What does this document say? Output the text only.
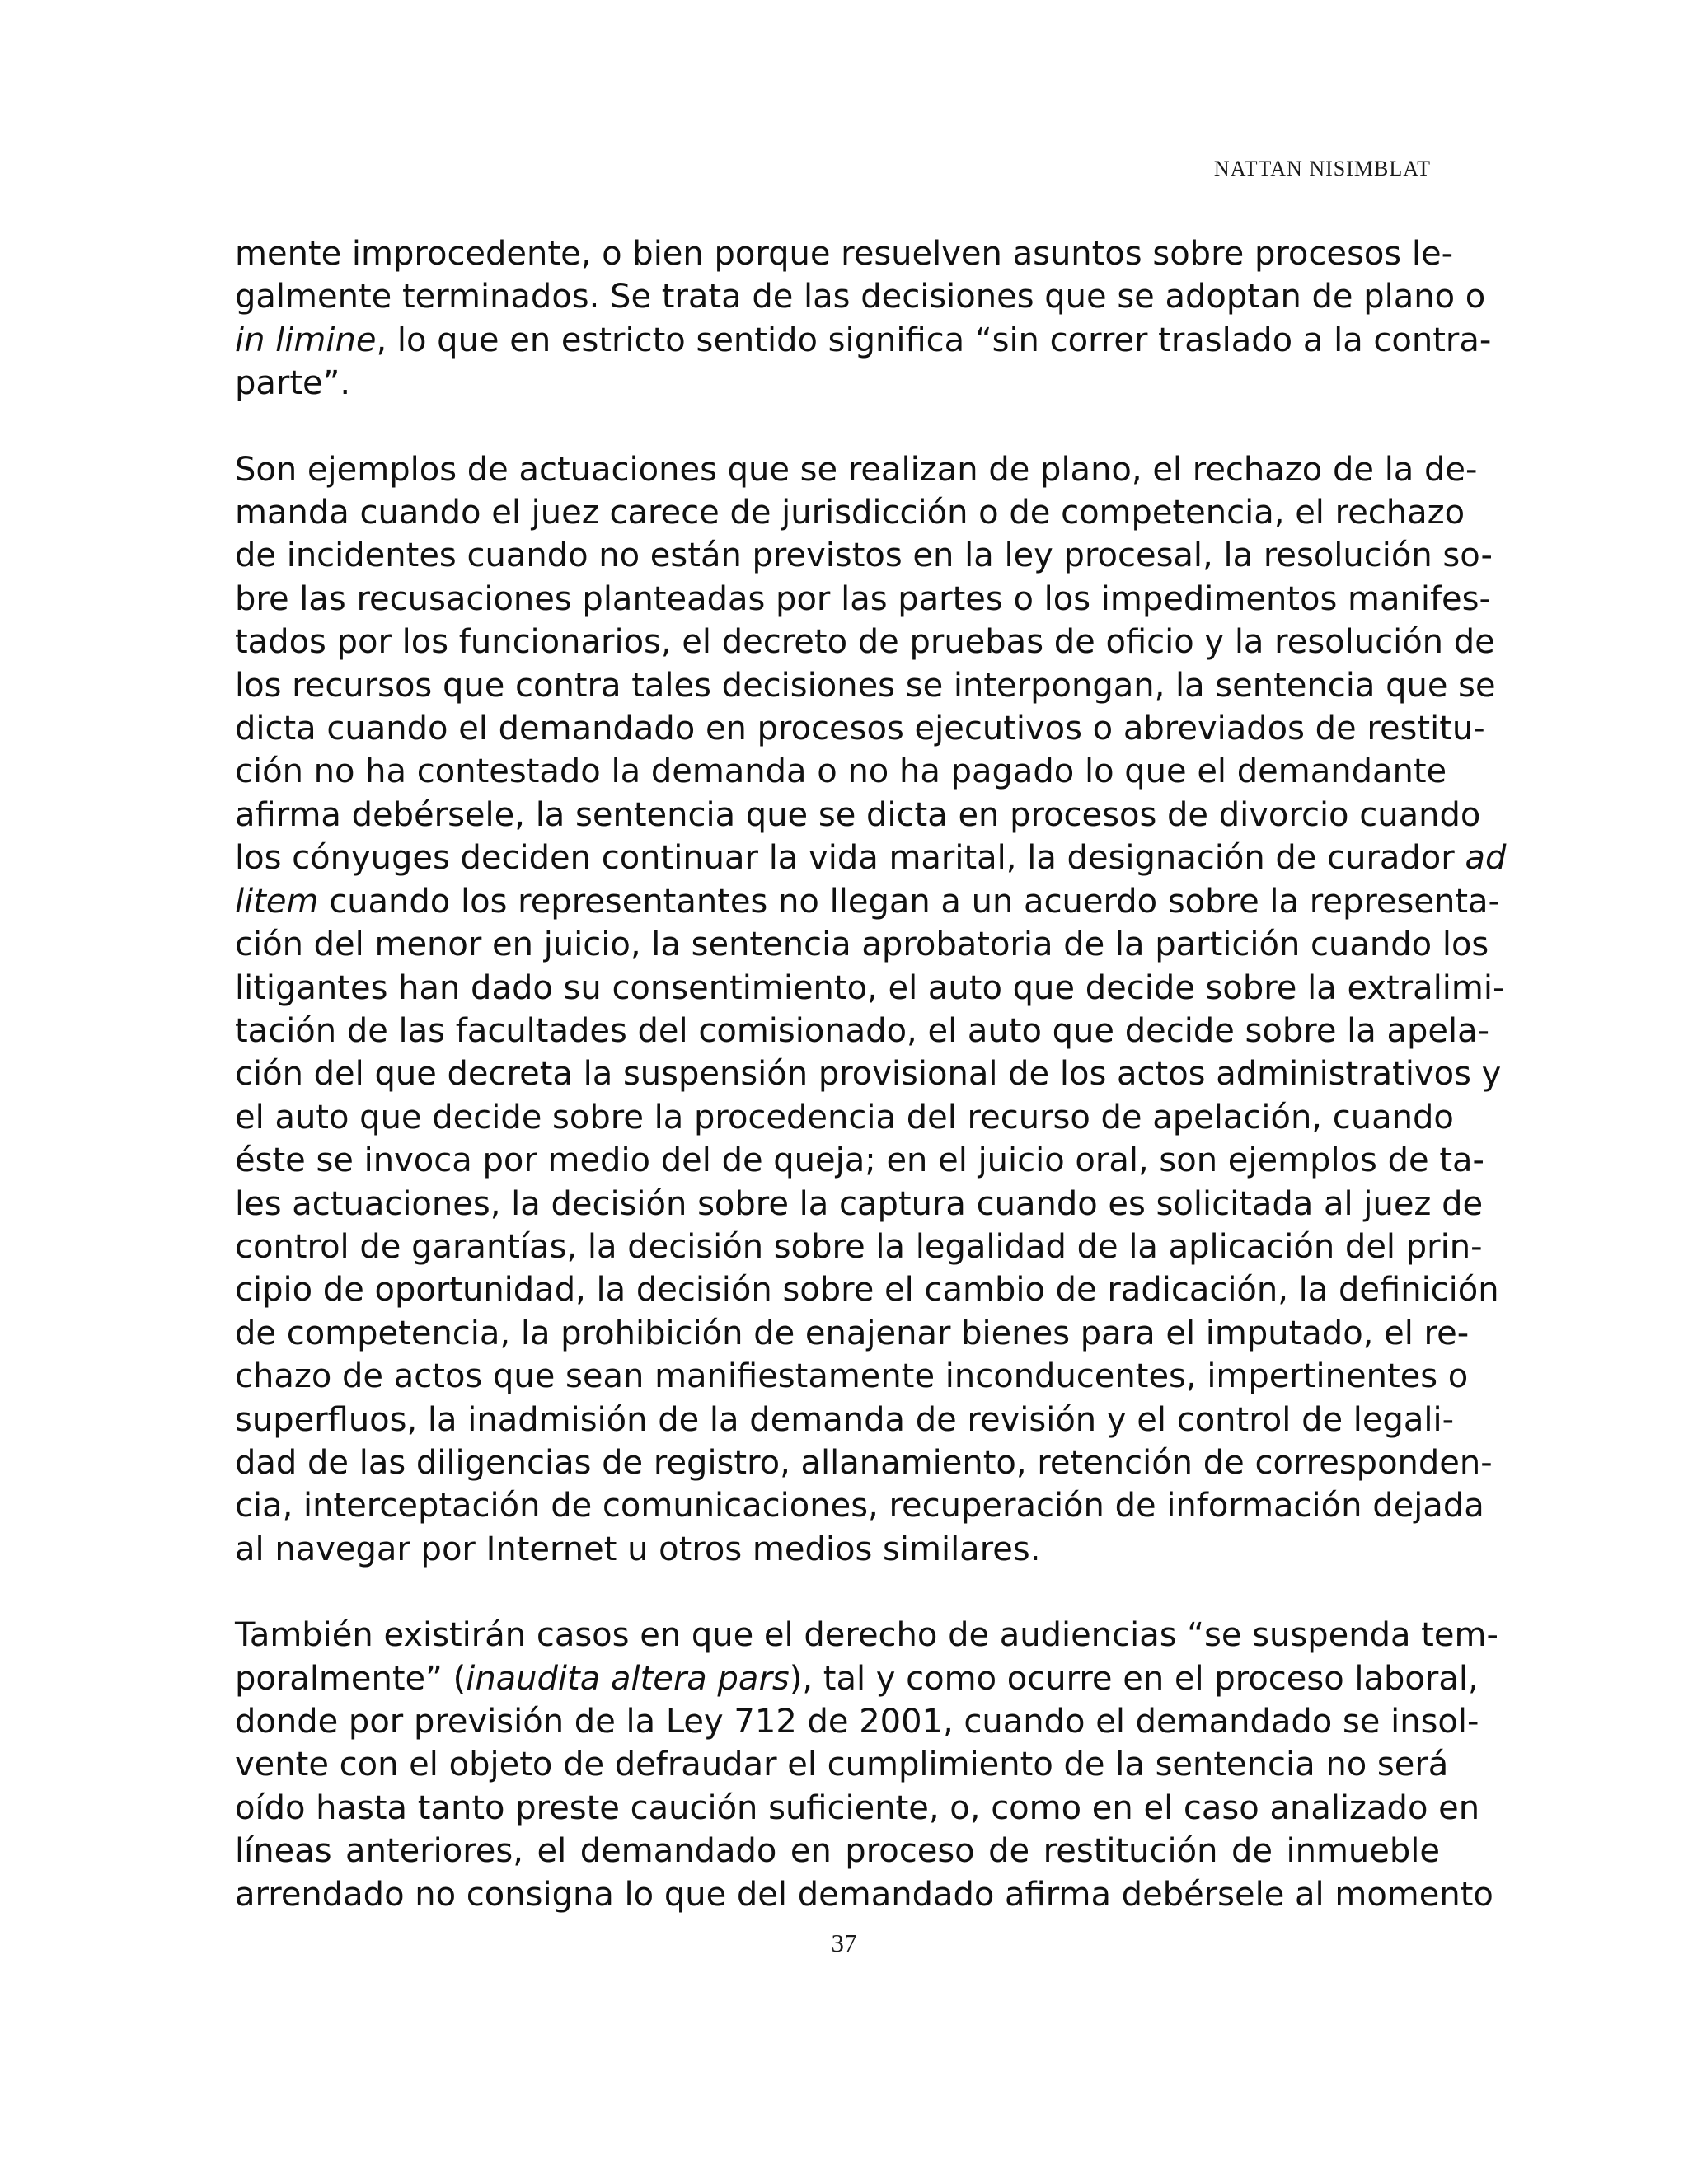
NATTAN NISIMBLAT

mente improcedente, o bien porque resuelven asuntos sobre procesos le-
galmente terminados. Se trata de las decisiones que se adoptan de plano o
in limine, lo que en estricto sentido significa “sin correr traslado a la contra-
parte”.

Son ejemplos de actuaciones que se realizan de plano, el rechazo de la de-
manda cuando el juez carece de jurisdicción o de competencia, el rechazo
de incidentes cuando no están previstos en la ley procesal, la resolución so-
bre las recusaciones planteadas por las partes o los impedimentos manifes-
tados por los funcionarios, el decreto de pruebas de oficio y la resolución de
los recursos que contra tales decisiones se interpongan, la sentencia que se
dicta cuando el demandado en procesos ejecutivos o abreviados de restitu-
ción no ha contestado la demanda o no ha pagado lo que el demandante
afirma debérsele, la sentencia que se dicta en procesos de divorcio cuando
los cónyuges deciden continuar la vida marital, la designación de curador ad
litem cuando los representantes no llegan a un acuerdo sobre la representa-
ción del menor en juicio, la sentencia aprobatoria de la partición cuando los
litigantes han dado su consentimiento, el auto que decide sobre la extralimi-
tación de las facultades del comisionado, el auto que decide sobre la apela-
ción del que decreta la suspensión provisional de los actos administrativos y
el auto que decide sobre la procedencia del recurso de apelación, cuando
éste se invoca por medio del de queja; en el juicio oral, son ejemplos de ta-
les actuaciones, la decisión sobre la captura cuando es solicitada al juez de
control de garantías, la decisión sobre la legalidad de la aplicación del prin-
cipio de oportunidad, la decisión sobre el cambio de radicación, la definición
de competencia, la prohibición de enajenar bienes para el imputado, el re-
chazo de actos que sean manifiestamente inconducentes, impertinentes o
superfluos, la inadmisión de la demanda de revisión y el control de legali-
dad de las diligencias de registro, allanamiento, retención de corresponden-
cia, interceptación de comunicaciones, recuperación de información dejada
al navegar por Internet u otros medios similares.

También existirán casos en que el derecho de audiencias “se suspenda tem-
poralmente” (inaudita altera pars), tal y como ocurre en el proceso laboral,
donde por previsión de la Ley 712 de 2001, cuando el demandado se insol-
vente con el objeto de defraudar el cumplimiento de la sentencia no será
oído hasta tanto preste caución suficiente, o, como en el caso analizado en
líneas anteriores, el demandado en proceso de restitución de inmueble
arrendado no consigna lo que del demandado afirma debérsele al momento

37
